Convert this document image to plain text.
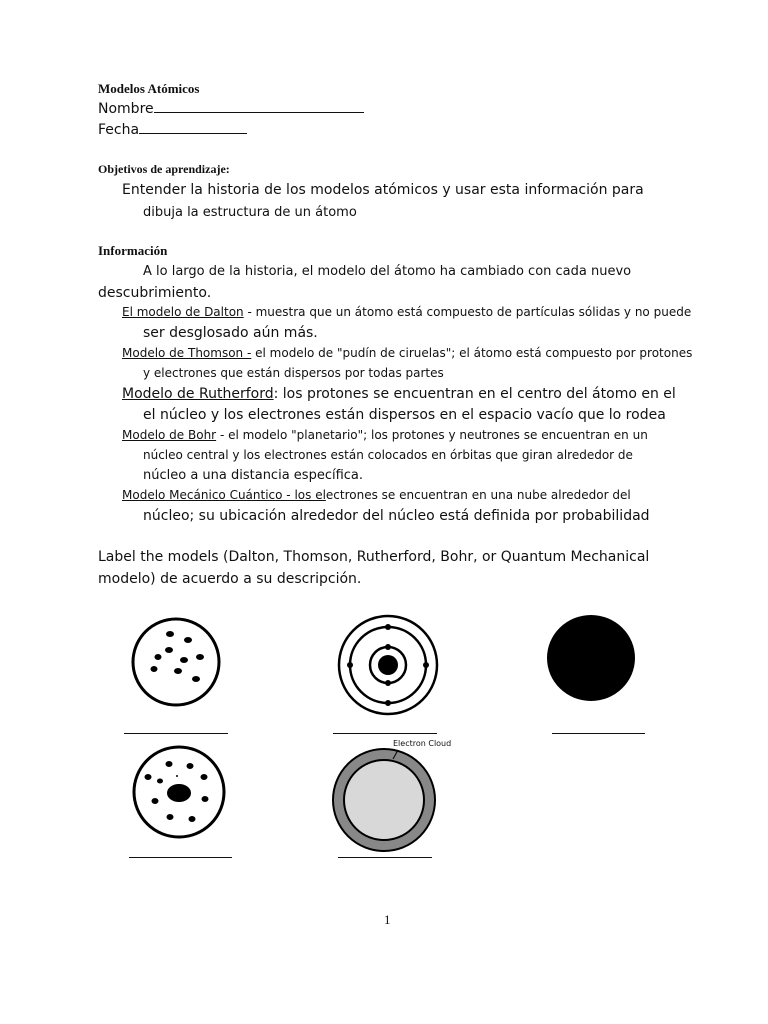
Modelos Atómicos
Nombre
Fecha
Objetivos de aprendizaje:
Entender la historia de los modelos atómicos y usar esta información para
dibuja la estructura de un átomo
Información
A lo largo de la historia, el modelo del átomo ha cambiado con cada nuevo
descubrimiento.
El modelo de Dalton - muestra que un átomo está compuesto de partículas sólidas y no puede
ser desglosado aún más.
Modelo de Thomson - el modelo de "pudín de ciruelas"; el átomo está compuesto por protones
y electrones que están dispersos por todas partes
Modelo de Rutherford: los protones se encuentran en el centro del átomo en el
el núcleo y los electrones están dispersos en el espacio vacío que lo rodea
Modelo de Bohr - el modelo "planetario"; los protones y neutrones se encuentran en un
núcleo central y los electrones están colocados en órbitas que giran alrededor de
núcleo a una distancia específica.
Modelo Mecánico Cuántico - los electrones se encuentran en una nube alrededor del
núcleo; su ubicación alrededor del núcleo está definida por probabilidad
Label the models (Dalton, Thomson, Rutherford, Bohr, or Quantum Mechanical
modelo) de acuerdo a su descripción.
Electron Cloud
1
